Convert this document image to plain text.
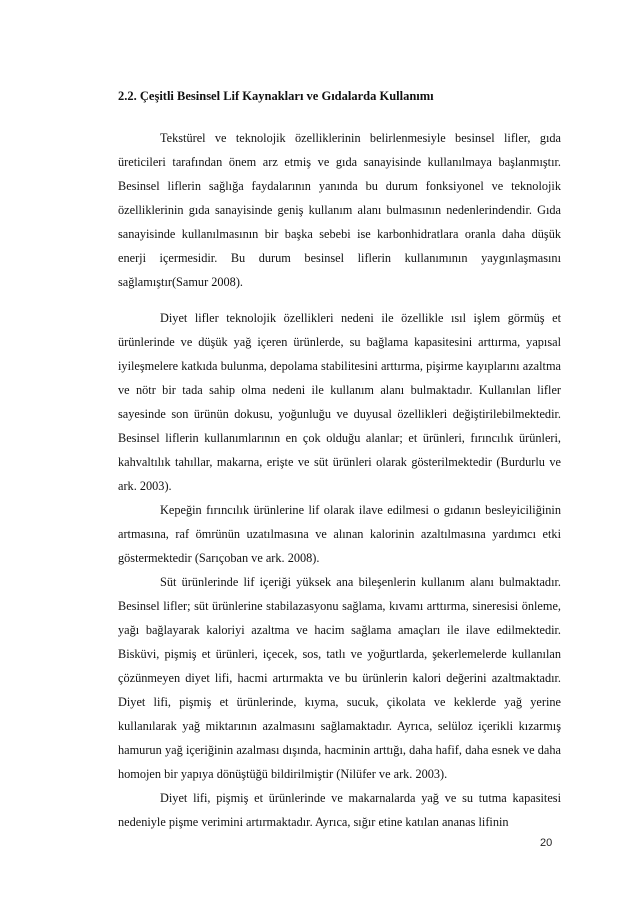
2.2. Çeşitli Besinsel Lif Kaynakları ve Gıdalarda Kullanımı

Tekstürel ve teknolojik özelliklerinin belirlenmesiyle besinsel lifler, gıda üreticileri tarafından önem arz etmiş ve gıda sanayisinde kullanılmaya başlanmıştır. Besinsel liflerin sağlığa faydalarının yanında bu durum fonksiyonel ve teknolojik özelliklerinin gıda sanayisinde geniş kullanım alanı bulmasının nedenlerindendir. Gıda sanayisinde kullanılmasının bir başka sebebi ise karbonhidratlara oranla daha düşük enerji içermesidir. Bu durum besinsel liflerin kullanımının yaygınlaşmasını sağlamıştır(Samur 2008).

Diyet lifler teknolojik özellikleri nedeni ile özellikle ısıl işlem görmüş et ürünlerinde ve düşük yağ içeren ürünlerde, su bağlama kapasitesini arttırma, yapısal iyileşmelere katkıda bulunma, depolama stabilitesini arttırma, pişirme kayıplarını azaltma ve nötr bir tada sahip olma nedeni ile kullanım alanı bulmaktadır. Kullanılan lifler sayesinde son ürünün dokusu, yoğunluğu ve duyusal özellikleri değiştirilebilmektedir. Besinsel liflerin kullanımlarının en çok olduğu alanlar; et ürünleri, fırıncılık ürünleri, kahvaltılık tahıllar, makarna, erişte ve süt ürünleri olarak gösterilmektedir (Burdurlu ve ark. 2003).

Kepeğin fırıncılık ürünlerine lif olarak ilave edilmesi o gıdanın besleyiciliğinin artmasına, raf ömrünün uzatılmasına ve alınan kalorinin azaltılmasına yardımcı etki göstermektedir (Sarıçoban ve ark. 2008).

Süt ürünlerinde lif içeriği yüksek ana bileşenlerin kullanım alanı bulmaktadır. Besinsel lifler; süt ürünlerine stabilazasyonu sağlama, kıvamı arttırma, sineresisi önleme, yağı bağlayarak kaloriyi azaltma ve hacim sağlama amaçları ile ilave edilmektedir. Bisküvi, pişmiş et ürünleri, içecek, sos, tatlı ve yoğurtlarda, şekerlemelerde kullanılan çözünmeyen diyet lifi, hacmi artırmakta ve bu ürünlerin kalori değerini azaltmaktadır. Diyet lifi, pişmiş et ürünlerinde, kıyma, sucuk, çikolata ve keklerde yağ yerine kullanılarak yağ miktarının azalmasını sağlamaktadır. Ayrıca, selüloz içerikli kızarmış hamurun yağ içeriğinin azalması dışında, hacminin arttığı, daha hafif, daha esnek ve daha homojen bir yapıya dönüştüğü bildirilmiştir (Nilüfer ve ark. 2003).

Diyet lifi, pişmiş et ürünlerinde ve makarnalarda yağ ve su tutma kapasitesi nedeniyle pişme verimini artırmaktadır. Ayrıca, sığır etine katılan ananas lifinin

20
